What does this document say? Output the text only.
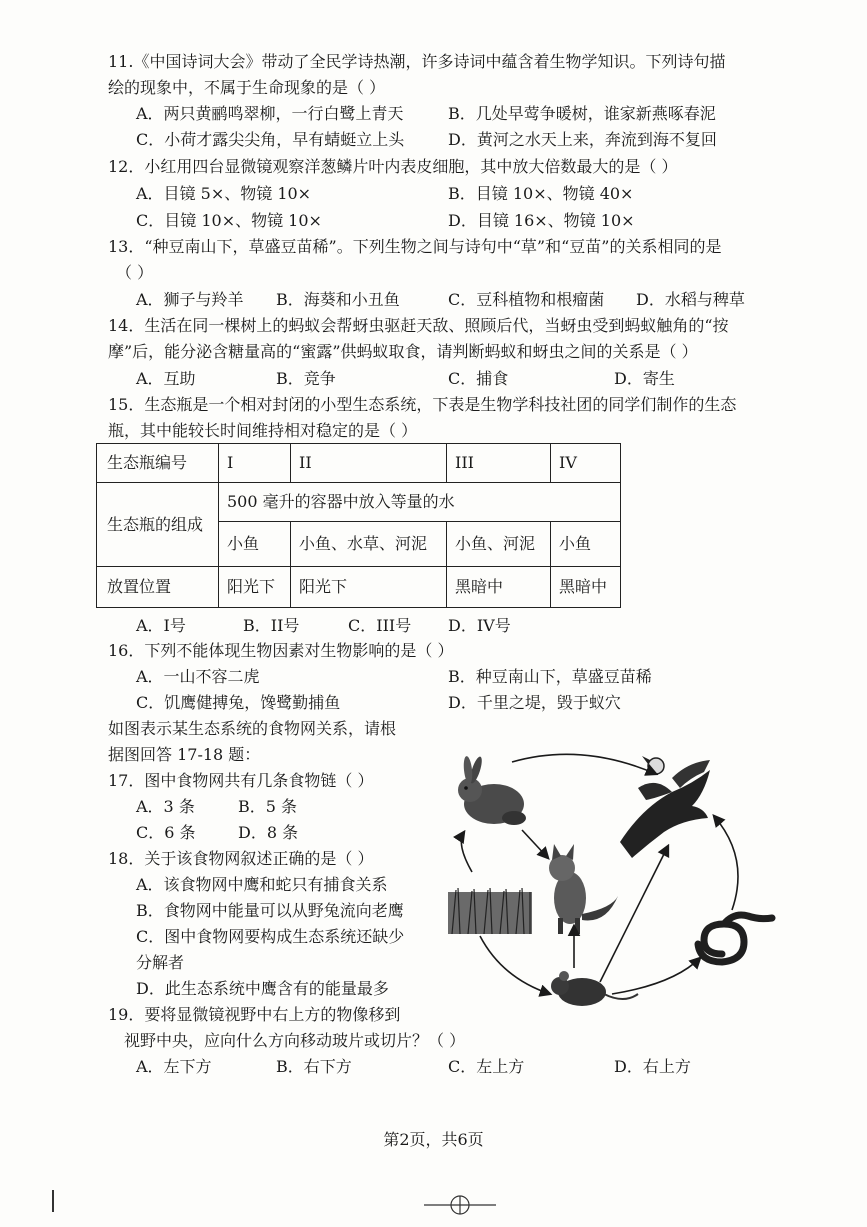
11.《中国诗词大会》带动了全民学诗热潮，许多诗词中蕴含着生物学知识。下列诗句描
绘的现象中，不属于生命现象的是（ ）
A．两只黄鹂鸣翠柳，一行白鹭上青天	B．几处早莺争暖树，谁家新燕啄春泥
C．小荷才露尖尖角，早有蜻蜓立上头	D．黄河之水天上来，奔流到海不复回
12．小红用四台显微镜观察洋葱鳞片叶内表皮细胞，其中放大倍数最大的是（ ）
A．目镜 5×、物镜 10×	B．目镜 10×、物镜 40×
C．目镜 10×、物镜 10×	D．目镜 16×、物镜 10×
13．“种豆南山下，草盛豆苗稀”。下列生物之间与诗句中“草”和“豆苗”的关系相同的是
（ ）
A．狮子与羚羊 B．海葵和小丑鱼	C．豆科植物和根瘤菌 D．水稻与稗草
14．生活在同一棵树上的蚂蚁会帮蚜虫驱赶天敌、照顾后代，当蚜虫受到蚂蚁触角的“按
摩”后，能分泌含糖量高的“蜜露”供蚂蚁取食，请判断蚂蚁和蚜虫之间的关系是（ ）
A．互助	B．竞争	C．捕食	D．寄生
15．生态瓶是一个相对封闭的小型生态系统，下表是生物学科技社团的同学们制作的生态
瓶，其中能较长时间维持相对稳定的是（ ）
生态瓶编号	I	II	III	IV
生态瓶的组成	500 毫升的容器中放入等量的水			
	小鱼	小鱼、水草、河泥	小鱼、河泥	小鱼
放置位置	阳光下	阳光下	黑暗中	黑暗中
A．I号	B．II号	C．III号 D．IV号
16．下列不能体现生物因素对生物影响的是（ ）
A．一山不容二虎	B．种豆南山下，草盛豆苗稀
C．饥鹰健搏兔，馋鹭勤捕鱼	D．千里之堤，毁于蚁穴
如图表示某生态系统的食物网关系，请根
据图回答 17-18 题：
17．图中食物网共有几条食物链（ ）
A．3 条	B．5 条
C．6 条	D．8 条
18．关于该食物网叙述正确的是（ ）
A．该食物网中鹰和蛇只有捕食关系
B．食物网中能量可以从野兔流向老鹰
C．图中食物网要构成生态系统还缺少
分解者
D．此生态系统中鹰含有的能量最多
19．要将显微镜视野中右上方的物像移到
视野中央，应向什么方向移动玻片或切片？（ ）
A．左下方	B．右下方	C．左上方	D．右上方
第2页，共6页
